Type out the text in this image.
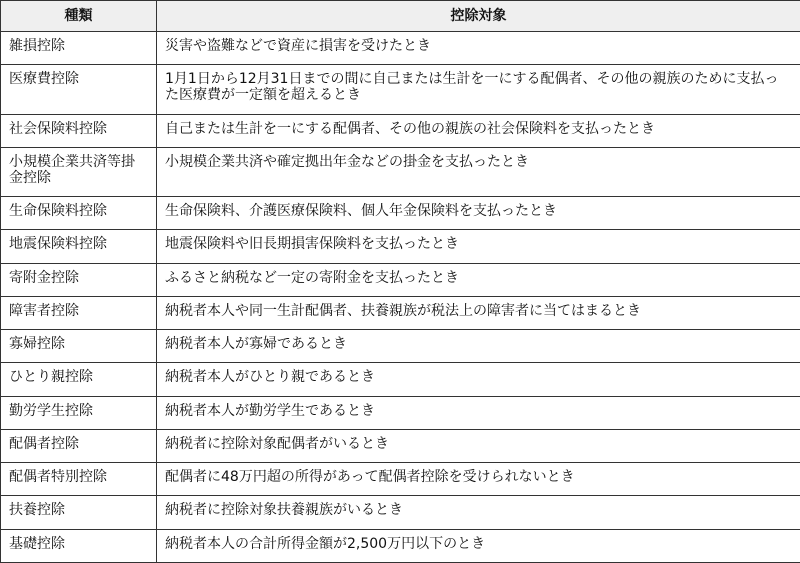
種類	控除対象
雑損控除	災害や盗難などで資産に損害を受けたとき
医療費控除	1月1日から12月31日までの間に自己または生計を一にする配偶者、その他の親族のために支払った医療費が一定額を超えるとき
社会保険料控除	自己または生計を一にする配偶者、その他の親族の社会保険料を支払ったとき
小規模企業共済等掛金控除	小規模企業共済や確定拠出年金などの掛金を支払ったとき
生命保険料控除	生命保険料、介護医療保険料、個人年金保険料を支払ったとき
地震保険料控除	地震保険料や旧長期損害保険料を支払ったとき
寄附金控除	ふるさと納税など一定の寄附金を支払ったとき
障害者控除	納税者本人や同一生計配偶者、扶養親族が税法上の障害者に当てはまるとき
寡婦控除	納税者本人が寡婦であるとき
ひとり親控除	納税者本人がひとり親であるとき
勤労学生控除	納税者本人が勤労学生であるとき
配偶者控除	納税者に控除対象配偶者がいるとき
配偶者特別控除	配偶者に48万円超の所得があって配偶者控除を受けられないとき
扶養控除	納税者に控除対象扶養親族がいるとき
基礎控除	納税者本人の合計所得金額が2,500万円以下のとき
